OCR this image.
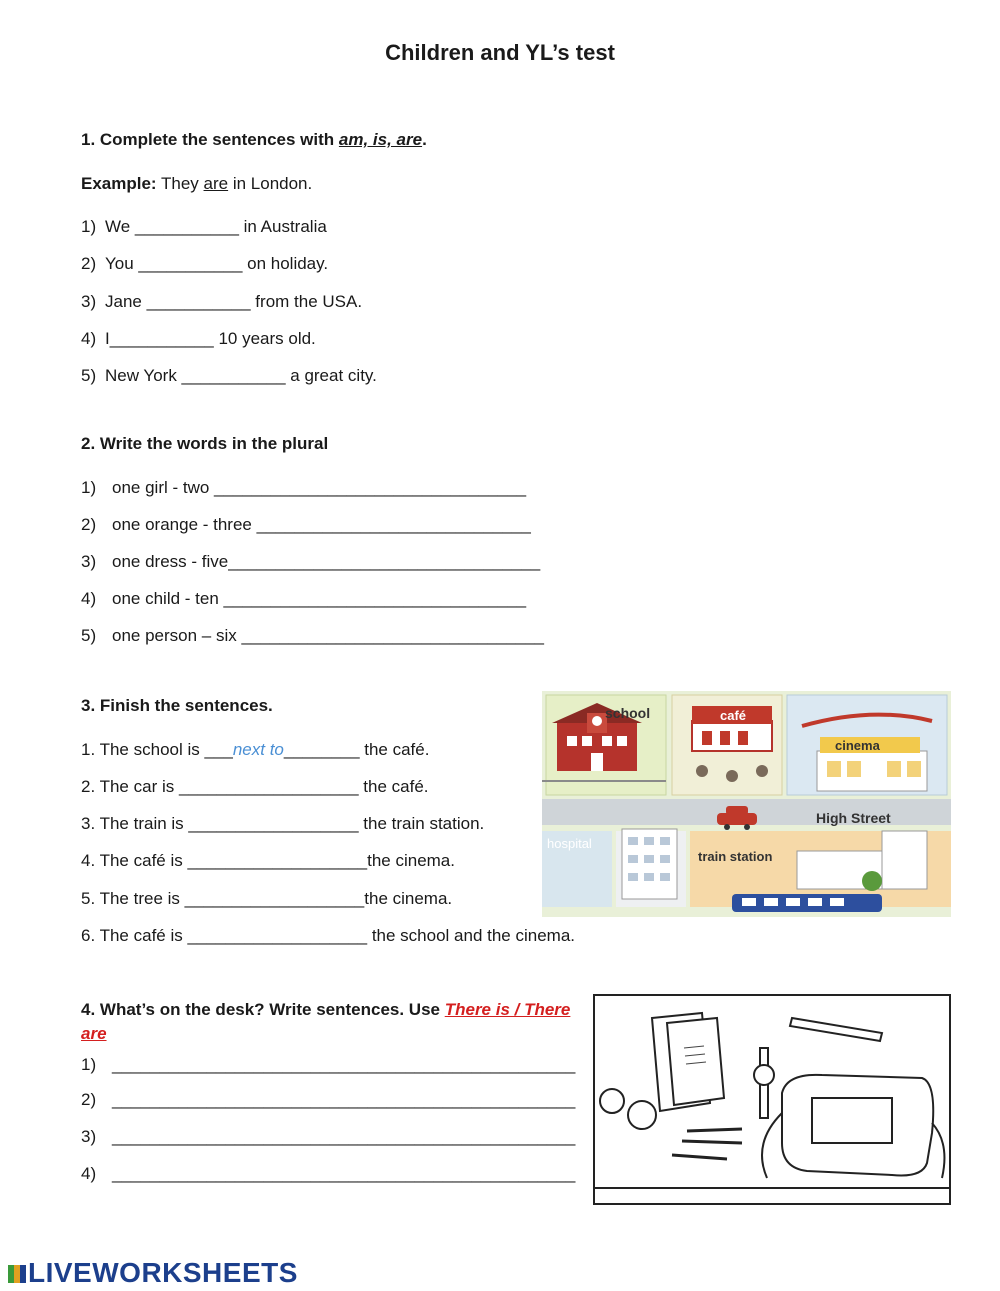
Children and YL’s test
1. Complete the sentences with am, is, are.
Example: They are in London.
1) We ___________ in Australia
2) You ___________ on holiday.
3) Jane ___________ from the USA.
4) I___________ 10 years old.
5) New York ___________ a great city.
2. Write the words in the plural
1) one girl - two _________________________________
2) one orange - three _____________________________
3) one dress - five_________________________________
4) one child - ten ________________________________
5) one person – six ________________________________
3. Finish the sentences.
1. The school is ___next to________ the café.
2. The car is ___________________ the café.
3. The train is __________________ the train station.
4. The café is ___________________the cinema.
5. The tree is ___________________the cinema.
6. The café is ___________________ the school and the cinema.
school	café
cinema
High Street
hospital
train station
4. What’s on the desk? Write sentences. Use There is / There
are
1) _________________________________________________
2) _________________________________________________
3) _________________________________________________
4) _________________________________________________
LIVEWORKSHEETS
